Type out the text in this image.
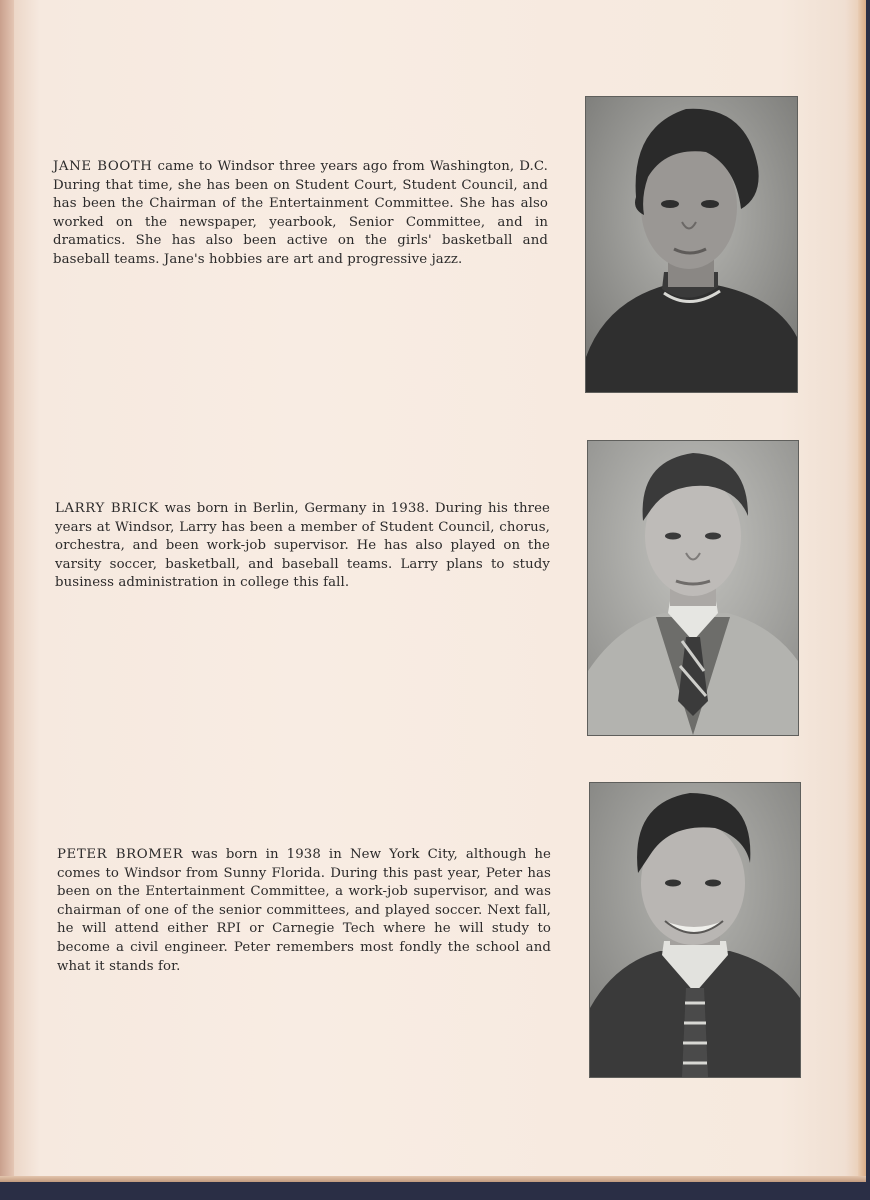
JANE BOOTH came to Windsor three years ago from Washington, D.C. During that time, she has been on Student Court, Student Council, and has been the Chairman of the Entertainment Committee. She has also worked on the newspaper, yearbook, Senior Committee, and in dramatics. She has also been active on the girls' basketball and baseball teams. Jane's hobbies are art and progressive jazz.

LARRY BRICK was born in Berlin, Germany in 1938. During his three years at Windsor, Larry has been a member of Student Council, chorus, orchestra, and been work-job supervisor. He has also played on the varsity soccer, basketball, and baseball teams. Larry plans to study business administration in college this fall.

PETER BROMER was born in 1938 in New York City, although he comes to Windsor from Sunny Florida. During this past year, Peter has been on the Entertainment Committee, a work-job supervisor, and was chairman of one of the senior committees, and played soccer. Next fall, he will attend either RPI or Carnegie Tech where he will study to become a civil engineer. Peter remembers most fondly the school and what it stands for.
